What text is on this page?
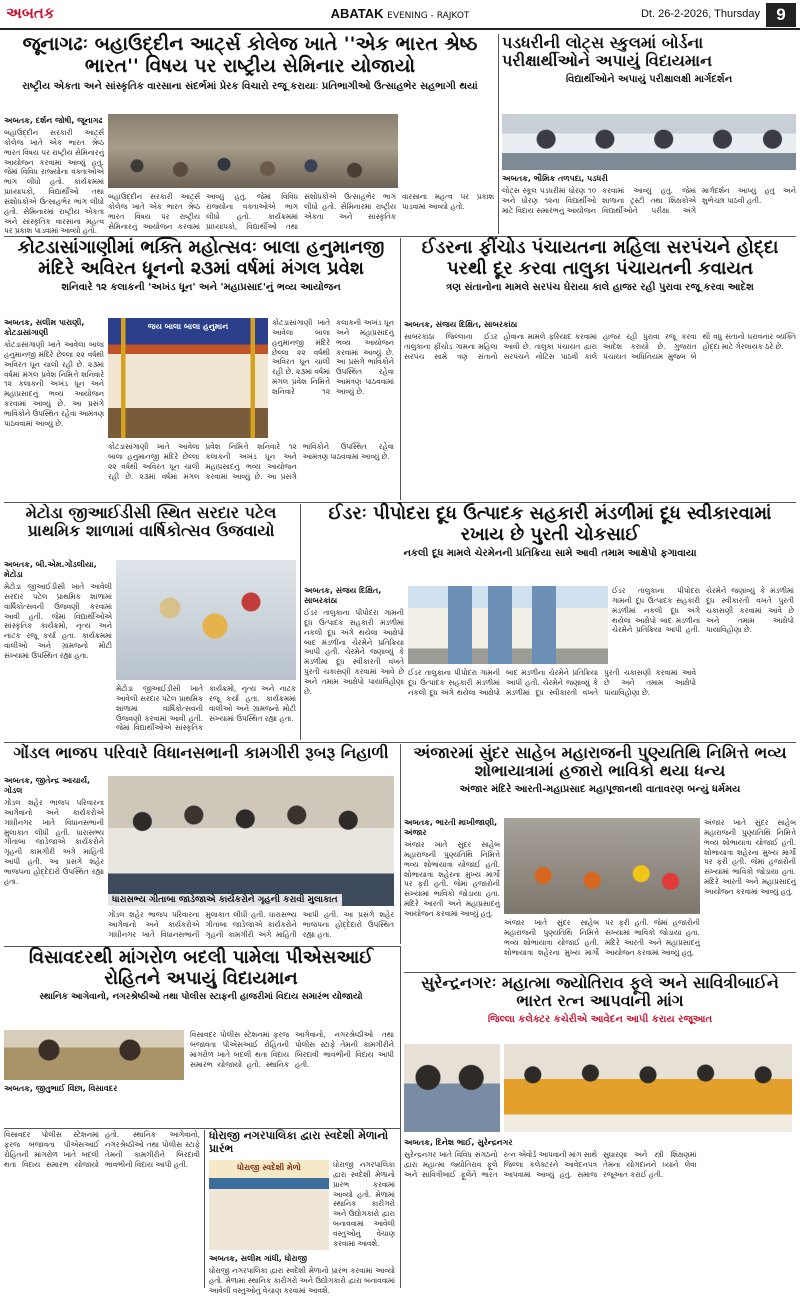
અબતક	ABATAK EVENING - RAJKOT	Dt. 26-2-2026, Thursday 9
જૂનાગઢઃ બહાઉદ્દીન આર્ટ્સ કોલેજ ખાતે ''એક ભારત શ્રેષ્ઠ ભારત'' વિષય પર રાષ્ટ્રીય સેમિનાર યોજાયો
રાષ્ટ્રીય એકતા અને સાંસ્કૃતિક વારસાના સંદર્ભમાં પ્રેરક વિચારો રજૂ કરાયાઃ પ્રતિભાગીઓ ઉત્સાહભેર સહભાગી થયાં
અબતક, દર્શન જોષી, જૂનાગઢ
બહાઉદ્દીન સરકારી આર્ટ્સ કોલેજ ખાતે એક ભારત શ્રેષ્ઠ ભારત વિષય પર રાષ્ટ્રીય સેમિનારનું આયોજન કરવામાં આવ્યું હતું. જેમાં વિવિધ રાજ્યોના વક્તાઓએ ભાગ લીધો હતો. કાર્યક્રમમાં પ્રાધ્યાપકો, વિદ્યાર્થીઓ તથા સંશોધકોએ ઉત્સાહભેર ભાગ લીધો હતો. સેમિનારમાં રાષ્ટ્રીય એકતા અને સાંસ્કૃતિક વારસાના મહત્વ પર પ્રકાશ પાડવામાં આવ્યો હતો.
બહાઉદ્દીન સરકારી આર્ટ્સ કોલેજ ખાતે એક ભારત શ્રેષ્ઠ ભારત વિષય પર રાષ્ટ્રીય સેમિનારનું આયોજન કરવામાં આવ્યું હતું. જેમાં વિવિધ રાજ્યોના વક્તાઓએ ભાગ લીધો હતો. કાર્યક્રમમાં પ્રાધ્યાપકો, વિદ્યાર્થીઓ તથા સંશોધકોએ ઉત્સાહભેર ભાગ લીધો હતો. સેમિનારમાં રાષ્ટ્રીય એકતા અને સાંસ્કૃતિક વારસાના મહત્વ પર પ્રકાશ પાડવામાં આવ્યો હતો.
પડધરીની લોટ્સ સ્કુલમાં બોર્ડના પરીક્ષાર્થીઓને અપાયું વિદાયમાન
વિદ્યાર્થીઓને અપાયું પરીક્ષાલક્ષી માર્ગદર્શન
અબતક, ભૌમિક તળપદા, પડધરી
લોટ્સ સ્કૂલ પડધરીમાં ધોરણ ૧૦ અને ધોરણ ૧૨ના વિદ્યાર્થીઓ માટે વિદાય સમારંભનું આયોજન કરવામાં આવ્યું હતું. જેમાં શાળાના ટ્રસ્ટી તથા શિક્ષકોએ વિદ્યાર્થીઓને પરીક્ષા અંગે માર્ગદર્શન આપ્યું હતું અને શુભેચ્છા પાઠવી હતી.
કોટડાસાંગાણીમાં ભક્તિ મહોત્સવઃ બાલા હનુમાનજી મંદિરે અવિરત ધૂનનો ૨૩માં વર્ષમાં મંગલ પ્રવેશ
શનિવારે ૧૨ કલાકની 'અખંડ ધૂન' અને 'મહાપ્રસાદ'નું ભવ્ય આયોજન
અબતક, સલીમ પારાણી, કોટડાસાંગાણી
કોટડાસાંગાણી ખાતે આવેલા બાલા હનુમાનજી મંદિરે છેલ્લા ૨૨ વર્ષથી અવિરત ધૂન ચાલી રહી છે. ૨૩માં વર્ષમાં મંગલ પ્રવેશ નિમિત્તે શનિવારે ૧૨ કલાકની અખંડ ધૂન અને મહાપ્રસાદનું ભવ્ય આયોજન કરવામાં આવ્યું છે. આ પ્રસંગે ભાવિકોને ઉપસ્થિત રહેવા આમંત્રણ પાઠવવામાં આવ્યું છે.
જય બાલા બાલા હનુમાન
કોટડાસાંગાણી ખાતે આવેલા બાલા હનુમાનજી મંદિરે છેલ્લા ૨૨ વર્ષથી અવિરત ધૂન ચાલી રહી છે. ૨૩માં વર્ષમાં મંગલ પ્રવેશ નિમિત્તે શનિવારે ૧૨ કલાકની અખંડ ધૂન અને મહાપ્રસાદનું ભવ્ય આયોજન કરવામાં આવ્યું છે. આ પ્રસંગે ભાવિકોને ઉપસ્થિત રહેવા આમંત્રણ પાઠવવામાં આવ્યું છે.
કોટડાસાંગાણી ખાતે આવેલા બાલા હનુમાનજી મંદિરે છેલ્લા ૨૨ વર્ષથી અવિરત ધૂન ચાલી રહી છે. ૨૩માં વર્ષમાં મંગલ પ્રવેશ નિમિત્તે શનિવારે ૧૨ કલાકની અખંડ ધૂન અને મહાપ્રસાદનું ભવ્ય આયોજન કરવામાં આવ્યું છે. આ પ્રસંગે ભાવિકોને ઉપસ્થિત રહેવા આમંત્રણ પાઠવવામાં આવ્યું છે.
ઈડરના ફીંચોડ પંચાયતના મહિલા સરપંચને હોદ્દા પરથી દૂર કરવા તાલુકા પંચાયતની કવાયત
ત્રણ સંતાનોના મામલે સરપંચ ઘેરાયા કાલે હાજર રહી પુરાવા રજૂ કરવા આદેશ
અબતક, સંજય દિક્ષિત, સાબરકાંઠા
સાબરકાંઠા જિલ્લાના ઈડર તાલુકાના ફીંચોડ ગામના મહિલા સરપંચ સામે ત્રણ સંતાનો હોવાના મામલે ફરિયાદ કરવામાં આવી છે. તાલુકા પંચાયત દ્વારા સરપંચને નોટિસ પાઠવી કાલે હાજર રહી પુરાવા રજૂ કરવા આદેશ કરાયો છે. ગુજરાત પંચાયત અધિનિયમ મુજબ બે થી વધુ સંતાનો ધરાવનાર વ્યક્તિ હોદ્દા માટે ગેરલાયક ઠરે છે.
મેટોડા જીઆઈડીસી સ્થિત સરદાર પટેલ પ્રાથમિક શાળામાં વાર્ષિકોત્સવ ઉજવાયો
અબતક, બી.એમ.ગોંડલીયા, મેટોડા
મેટોડા જીઆઈડીસી ખાતે આવેલી સરદાર પટેલ પ્રાથમિક શાળામાં વાર્ષિકોત્સવની ઉજવણી કરવામાં આવી હતી. જેમાં વિદ્યાર્થીઓએ સાંસ્કૃતિક કાર્યક્રમો, નૃત્ય અને નાટક રજૂ કર્યા હતા. કાર્યક્રમમાં વાલીઓ અને ગ્રામજનો મોટી સંખ્યામાં ઉપસ્થિત રહ્યા હતા.
મેટોડા જીઆઈડીસી ખાતે આવેલી સરદાર પટેલ પ્રાથમિક શાળામાં વાર્ષિકોત્સવની ઉજવણી કરવામાં આવી હતી. જેમાં વિદ્યાર્થીઓએ સાંસ્કૃતિક કાર્યક્રમો, નૃત્ય અને નાટક રજૂ કર્યા હતા. કાર્યક્રમમાં વાલીઓ અને ગ્રામજનો મોટી સંખ્યામાં ઉપસ્થિત રહ્યા હતા.
ઈડરઃ પીપોદરા દૂધ ઉત્પાદક સહકારી મંડળીમાં દૂધ સ્વીકારવામાં રખાય છે પુરતી ચોકસાઈ
નકલી દૂધ મામલે ચેરમેનની પ્રતિક્રિયા સામે આવી તમામ આક્ષેપો ફગાવાયા
અબતક, સંજય દિક્ષિત, સાબરકાંઠા
ઈડર તાલુકાના પીપોદરા ગામની દૂધ ઉત્પાદક સહકારી મંડળીમાં નકલી દૂધ અંગે થયેલા આક્ષેપો બાદ મંડળીના ચેરમેને પ્રતિક્રિયા આપી હતી. ચેરમેને જણાવ્યું કે મંડળીમાં દૂધ સ્વીકારતી વખતે પુરતી ચકાસણી કરવામાં આવે છે અને તમામ આક્ષેપો પાયાવિહોણા છે.
ઈડર તાલુકાના પીપોદરા ગામની દૂધ ઉત્પાદક સહકારી મંડળીમાં નકલી દૂધ અંગે થયેલા આક્ષેપો બાદ મંડળીના ચેરમેને પ્રતિક્રિયા આપી હતી. ચેરમેને જણાવ્યું કે મંડળીમાં દૂધ સ્વીકારતી વખતે પુરતી ચકાસણી કરવામાં આવે છે અને તમામ આક્ષેપો પાયાવિહોણા છે.
ઈડર તાલુકાના પીપોદરા ગામની દૂધ ઉત્પાદક સહકારી મંડળીમાં નકલી દૂધ અંગે થયેલા આક્ષેપો બાદ મંડળીના ચેરમેને પ્રતિક્રિયા આપી હતી. ચેરમેને જણાવ્યું કે મંડળીમાં દૂધ સ્વીકારતી વખતે પુરતી ચકાસણી કરવામાં આવે છે અને તમામ આક્ષેપો પાયાવિહોણા છે.
ગોંડલ ભાજપ પરિવારે વિધાનસભાની કામગીરી રૂબરૂ નિહાળી
અબતક, જીતેન્દ્ર આચાર્ય, ગોંડલ
ગોંડલ શહેર ભાજપ પરિવારના આગેવાનો અને કાર્યકરોએ ગાંધીનગર ખાતે વિધાનસભાની મુલાકાત લીધી હતી. ધારાસભ્ય ગીતાબા જાડેજાએ કાર્યકરોને ગૃહની કામગીરી અંગે માહિતી આપી હતી. આ પ્રસંગે શહેર ભાજપના હોદ્દેદારો ઉપસ્થિત રહ્યા હતા.
ધારાસભ્ય ગીતાબા જાડેજાએ કાર્યકરોને ગૃહની કરાવી મુલાકાત
ગોંડલ શહેર ભાજપ પરિવારના આગેવાનો અને કાર્યકરોએ ગાંધીનગર ખાતે વિધાનસભાની મુલાકાત લીધી હતી. ધારાસભ્ય ગીતાબા જાડેજાએ કાર્યકરોને ગૃહની કામગીરી અંગે માહિતી આપી હતી. આ પ્રસંગે શહેર ભાજપના હોદ્દેદારો ઉપસ્થિત રહ્યા હતા.
અંજારમાં સુંદર સાહેબ મહારાજની પુણ્યતિથિ નિમિત્તે ભવ્ય શોભાયાત્રામાં હજારો ભાવિકો થયા ધન્ય
અંજાર મંદિરે આરતી-મહાપ્રસાદ મહાપૂજાનથી વાતાવરણ બન્યું ધર્મમય
અબતક, ભારતી માખીજાણી, અંજાર
અંજાર ખાતે સુંદર સાહેબ મહારાજની પુણ્યતિથિ નિમિત્તે ભવ્ય શોભાયાત્રા યોજાઈ હતી. શોભાયાત્રા શહેરના મુખ્ય માર્ગો પર ફરી હતી. જેમાં હજારોની સંખ્યામાં ભાવિકો જોડાયા હતા. મંદિરે આરતી અને મહાપ્રસાદનું આયોજન કરવામાં આવ્યું હતું.
અંજાર ખાતે સુંદર સાહેબ મહારાજની પુણ્યતિથિ નિમિત્તે ભવ્ય શોભાયાત્રા યોજાઈ હતી. શોભાયાત્રા શહેરના મુખ્ય માર્ગો પર ફરી હતી. જેમાં હજારોની સંખ્યામાં ભાવિકો જોડાયા હતા. મંદિરે આરતી અને મહાપ્રસાદનું આયોજન કરવામાં આવ્યું હતું.
અંજાર ખાતે સુંદર સાહેબ મહારાજની પુણ્યતિથિ નિમિત્તે ભવ્ય શોભાયાત્રા યોજાઈ હતી. શોભાયાત્રા શહેરના મુખ્ય માર્ગો પર ફરી હતી. જેમાં હજારોની સંખ્યામાં ભાવિકો જોડાયા હતા. મંદિરે આરતી અને મહાપ્રસાદનું આયોજન કરવામાં આવ્યું હતું.
વિસાવદરથી માંગરોળ બદલી પામેલા પીએસઆઈ રોહિતને અપાયું વિદાયમાન
સ્થાનિક આગેવાનો, નગરશ્રેષ્ઠીઓ તથા પોલીસ સ્ટાફની હાજરીમાં વિદાય સમારંભ યોજાયો
વિસાવદર પોલીસ સ્ટેશનમાં ફરજ બજાવતા પીએસઆઈ રોહિતની માંગરોળ ખાતે બદલી થતા વિદાય સમારંભ યોજાયો હતો. સ્થાનિક આગેવાનો, નગરશ્રેષ્ઠીઓ તથા પોલીસ સ્ટાફે તેમની કામગીરીને બિરદાવી ભાવભીની વિદાય આપી હતી.
અબતક, જીતુભાઈ વિંછા, વિસાવદર
સુરેન્દ્રનગરઃ મહાત્મા જ્યોતિરાવ ફૂલે અને સાવિત્રીબાઈને ભારત રત્ન આપવાની માંગ
જિલ્લા કલેક્ટર કચેરીએ આવેદન આપી કરાય રજૂઆત
અબતક, દિનેશ ભાઈ, સુરેન્દ્રનગર
સુરેન્દ્રનગર ખાતે વિવિધ સંગઠનો દ્વારા મહાત્મા જ્યોતિરાવ ફૂલે અને સાવિત્રીબાઈ ફૂલેને ભારત રત્ન એવોર્ડ આપવાની માંગ સાથે જિલ્લા કલેક્ટરને આવેદનપત્ર આપવામાં આવ્યું હતું. સમાજ સુધારણા અને સ્ત્રી શિક્ષણમાં તેમના યોગદાનને ધ્યાને લેવા રજૂઆત કરાઈ હતી.
વિસાવદર પોલીસ સ્ટેશનમાં ફરજ બજાવતા પીએસઆઈ રોહિતની માંગરોળ ખાતે બદલી થતા વિદાય સમારંભ યોજાયો હતો. સ્થાનિક આગેવાનો, નગરશ્રેષ્ઠીઓ તથા પોલીસ સ્ટાફે તેમની કામગીરીને બિરદાવી ભાવભીની વિદાય આપી હતી.
ધોરાજી નગરપાલિકા દ્વારા સ્વદેશી મેળાનો પ્રારંભ
ધોરાજી સ્વદેશી મેળો	ધોરાજી નગરપાલિકા દ્વારા સ્વદેશી મેળાનો પ્રારંભ કરવામાં આવ્યો હતો. મેળામાં સ્થાનિક કારીગરો અને ઉદ્યોગકારો દ્વારા બનાવવામાં આવેલી વસ્તુઓનું વેચાણ કરવામાં આવશે.
અબતક, સલીમ ગાંધી, ધોરાજી
ધોરાજી નગરપાલિકા દ્વારા સ્વદેશી મેળાનો પ્રારંભ કરવામાં આવ્યો હતો. મેળામાં સ્થાનિક કારીગરો અને ઉદ્યોગકારો દ્વારા બનાવવામાં આવેલી વસ્તુઓનું વેચાણ કરવામાં આવશે.
